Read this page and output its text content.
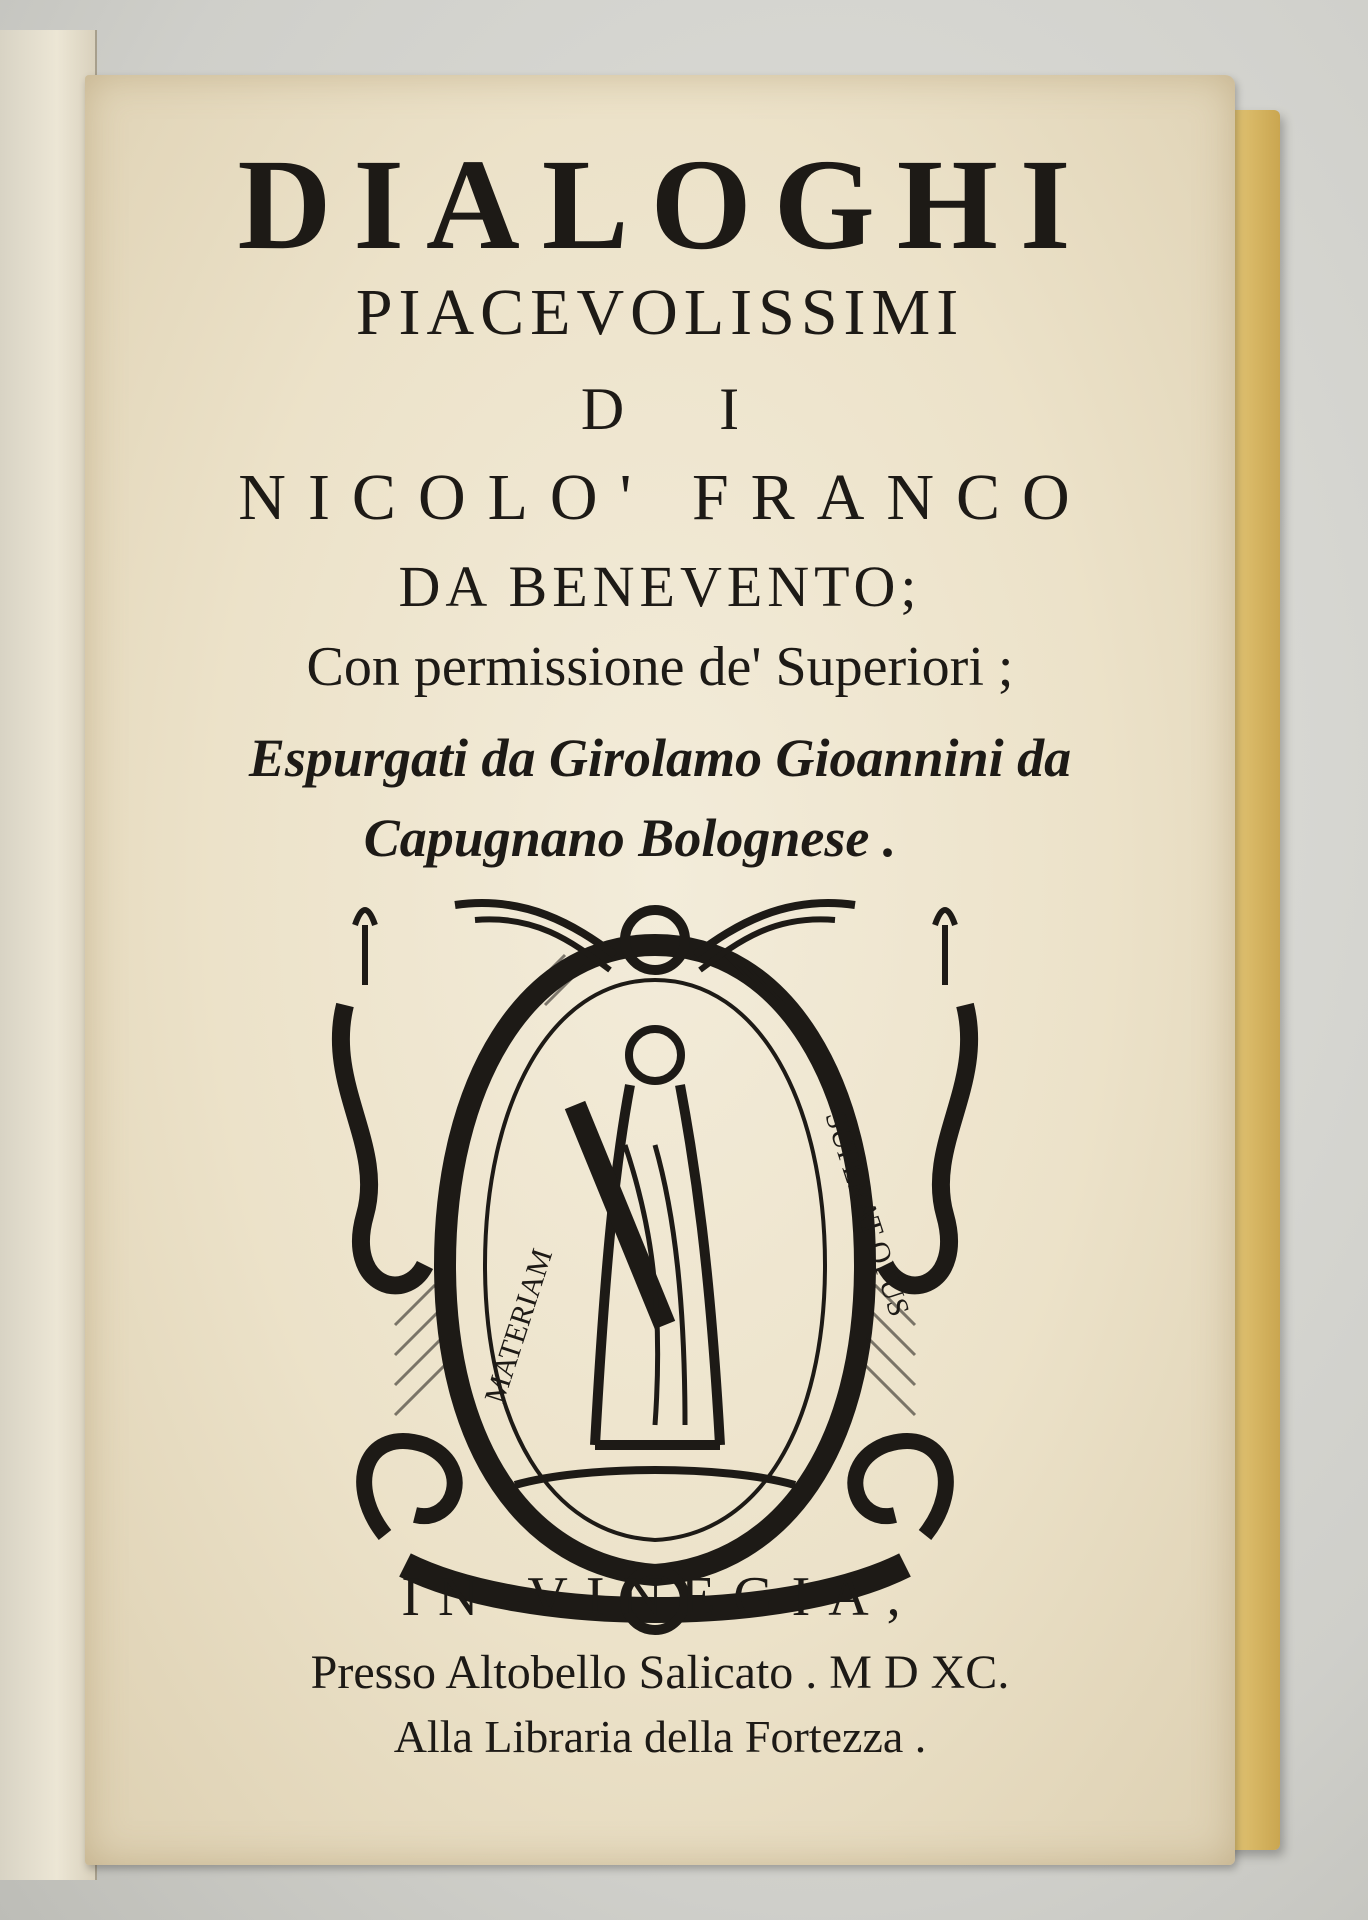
DIALOGHI
PIACEVOLISSIMI
D I
NICOLO' FRANCO
DA BENEVENTO;
Con permissione de' Superiori ;
Espurgati da Girolamo Gioannini da
Capugnano Bolognese .
MATERIAM
SUPERAT OPUS
IN VINEGIA,
Presso Altobello Salicato . M D XC.
Alla Libraria della Fortezza .
